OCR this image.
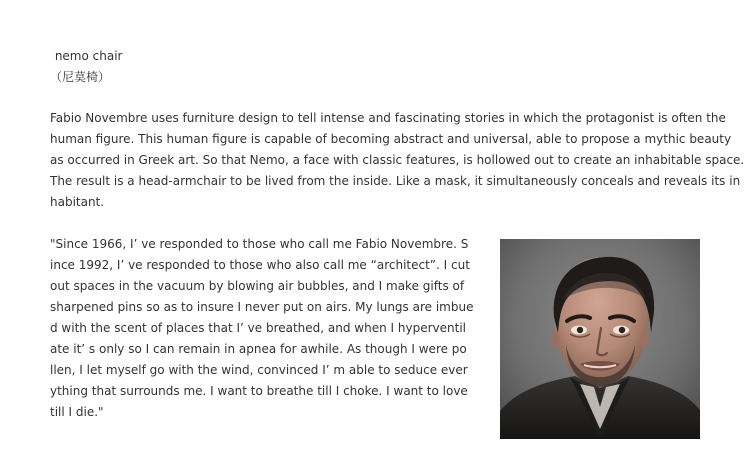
nemo chair
（尼莫椅）
Fabio Novembre uses furniture design to tell intense and fascinating stories in which the protagonist is often the
human figure. This human figure is capable of becoming abstract and universal, able to propose a mythic beauty
as occurred in Greek art. So that Nemo, a face with classic features, is hollowed out to create an inhabitable space.
The result is a head-armchair to be lived from the inside. Like a mask, it simultaneously conceals and reveals its in
habitant.
"Since 1966, I’ ve responded to those who call me Fabio Novembre. S
ince 1992, I’ ve responded to those who also call me “architect”. I cut
out spaces in the vacuum by blowing air bubbles, and I make gifts of
sharpened pins so as to insure I never put on airs. My lungs are imbue
d with the scent of places that I’ ve breathed, and when I hyperventil
ate it’ s only so I can remain in apnea for awhile. As though I were po
llen, I let myself go with the wind, convinced I’ m able to seduce ever
ything that surrounds me. I want to breathe till I choke. I want to love
till I die."
